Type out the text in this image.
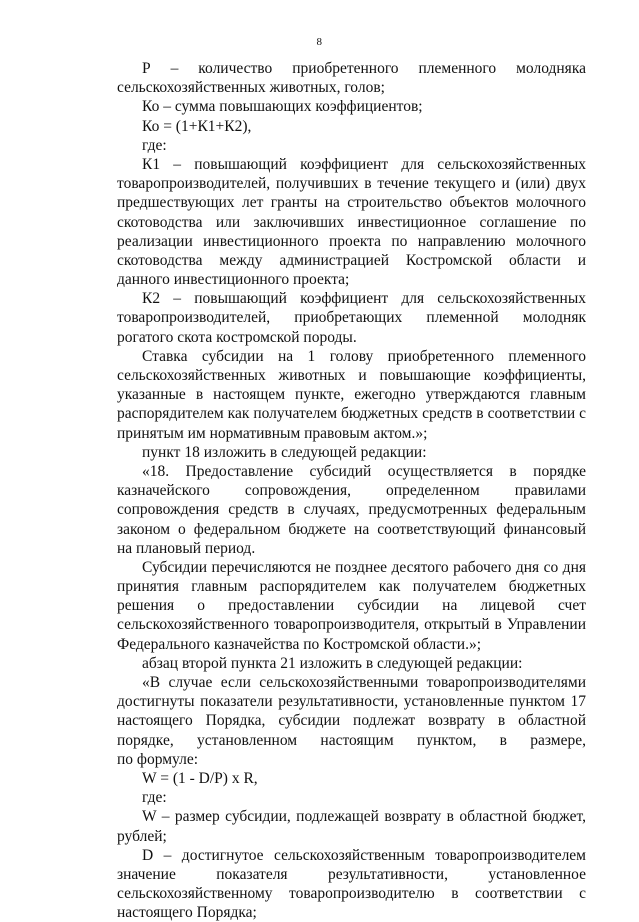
8
Р – количество приобретенного племенного молодняка
сельскохозяйственных животных, голов;
Ко – сумма повышающих коэффициентов;
Ко = (1+К1+К2),
где:
К1 – повышающий коэффициент для сельскохозяйственных
товаропроизводителей, получивших в течение текущего и (или) двух
предшествующих лет гранты на строительство объектов молочного
скотоводства или заключивших инвестиционное соглашение по
реализации инвестиционного проекта по направлению молочного
скотоводства между администрацией Костромской области и
данного инвестиционного проекта;
К2 – повышающий коэффициент для сельскохозяйственных
товаропроизводителей, приобретающих племенной молодняк
рогатого скота костромской породы.
Ставка субсидии на 1 голову приобретенного племенного
сельскохозяйственных животных и повышающие коэффициенты,
указанные в настоящем пункте, ежегодно утверждаются главным
распорядителем как получателем бюджетных средств в соответствии с
принятым им нормативным правовым актом.»;
пункт 18 изложить в следующей редакции:
«18. Предоставление субсидий осуществляется в порядке
казначейского сопровождения, определенном правилами
сопровождения средств в случаях, предусмотренных федеральным
законом о федеральном бюджете на соответствующий финансовый
на плановый период.
Субсидии перечисляются не позднее десятого рабочего дня со дня
принятия главным распорядителем как получателем бюджетных
решения о предоставлении субсидии на лицевой счет
сельскохозяйственного товаропроизводителя, открытый в Управлении
Федерального казначейства по Костромской области.»;
абзац второй пункта 21 изложить в следующей редакции:
«В случае если сельскохозяйственными товаропроизводителями
достигнуты показатели результативности, установленные пунктом 17
настоящего Порядка, субсидии подлежат возврату в областной
порядке, установленном настоящим пунктом, в размере,
по формуле:
W = (1 - D/P) x R,
где:
W – размер субсидии, подлежащей возврату в областной бюджет,
рублей;
D – достигнутое сельскохозяйственным товаропроизводителем
значение показателя результативности, установленное
сельскохозяйственному товаропроизводителю в соответствии с
настоящего Порядка;
